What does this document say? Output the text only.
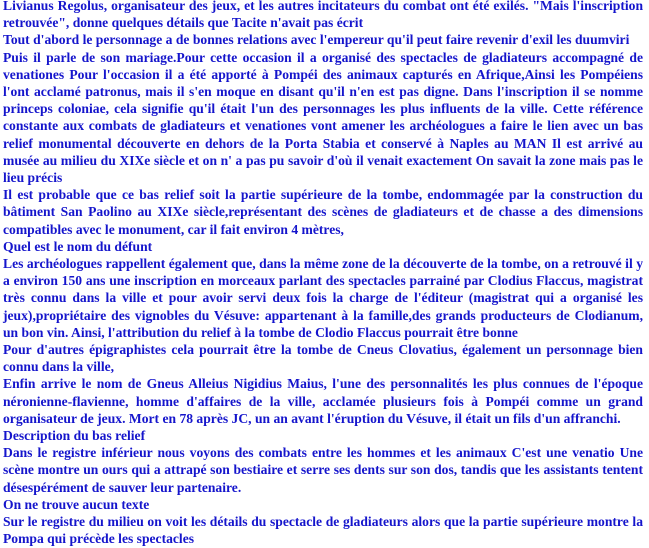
Livianus Regolus, organisateur des jeux, et les autres incitateurs du combat ont été exilés. "Mais l'inscription retrouvée", donne quelques détails que Tacite n'avait pas écrit

Tout d'abord le personnage a de bonnes relations avec l'empereur qu'il peut faire revenir d'exil les duumviri

Puis il parle de son mariage.Pour cette occasion il a organisé des spectacles de gladiateurs accompagné de venationes Pour l'occasion il a été apporté à Pompéi des animaux capturés en Afrique,Ainsi les Pompéiens l'ont acclamé patronus, mais il s'en moque en disant qu'il n'en est pas digne. Dans l'inscription il se nomme princeps coloniae, cela signifie qu'il était l'un des personnages les plus influents de la ville. Cette référence constante aux combats de gladiateurs et venationes vont amener les archéologues a faire le lien avec un bas relief monumental découverte en dehors de la Porta Stabia et conservé à Naples au MAN Il est arrivé au musée au milieu du XIXe siècle et on n' a pas pu savoir d'où il venait exactement On savait la zone mais pas le lieu précis

Il est probable que ce bas relief soit la partie supérieure de la tombe, endommagée par la construction du bâtiment San Paolino au XIXe siècle,représentant des scènes de gladiateurs et de chasse a des dimensions compatibles avec le monument, car il fait environ 4 mètres,

Quel est le nom du défunt

Les archéologues rappellent également que, dans la même zone de la découverte de la tombe, on a retrouvé il y a environ 150 ans une inscription en morceaux parlant des spectacles parrainé par Clodius Flaccus, magistrat très connu dans la ville et pour avoir servi deux fois la charge de l'éditeur (magistrat qui a organisé les jeux),propriétaire des vignobles du Vésuve: appartenant à la famille,des grands producteurs de Clodianum, un bon vin. Ainsi, l'attribution du relief à la tombe de Clodio Flaccus pourrait être bonne

Pour d'autres épigraphistes cela pourrait être la tombe de Cneus Clovatius, également un personnage bien connu dans la ville,

Enfin arrive le nom de Gneus Alleius Nigidius Maius, l'une des personnalités les plus connues de l'époque néronienne-flavienne, homme d'affaires de la ville, acclamée plusieurs fois à Pompéi comme un grand organisateur de jeux. Mort en 78 après JC, un an avant l'éruption du Vésuve, il était un fils d'un affranchi.

Description du bas relief

Dans le registre inférieur nous voyons des combats entre les hommes et les animaux C'est une venatio Une scène montre un ours qui a attrapé son bestiaire et serre ses dents sur son dos, tandis que les assistants tentent désespérément de sauver leur partenaire.

On ne trouve aucun texte

Sur le registre du milieu on voit les détails du spectacle de gladiateurs alors que la partie supérieure montre la Pompa qui précède les spectacles
